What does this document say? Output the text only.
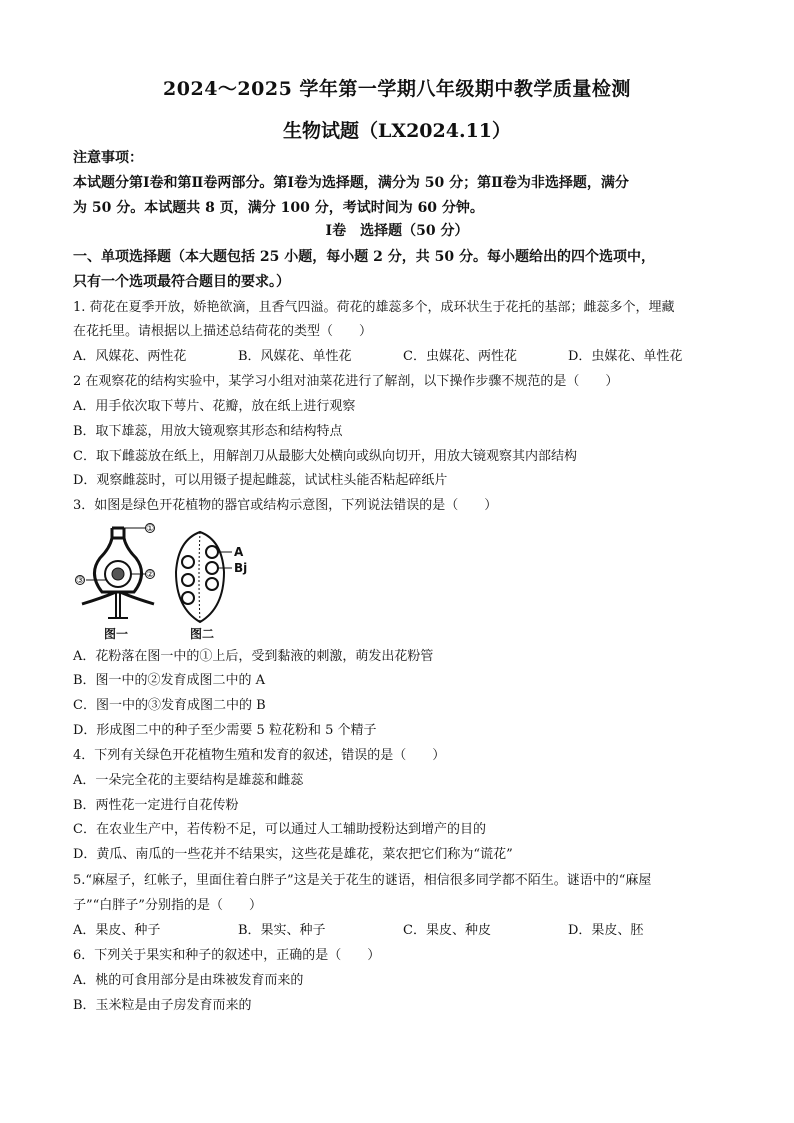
2024～2025 学年第一学期八年级期中教学质量检测
生物试题（LX2024.11）
注意事项：
本试题分第Ⅰ卷和第Ⅱ卷两部分。第Ⅰ卷为选择题，满分为 50 分；第Ⅱ卷为非选择题，满分
为 50 分。本试题共 8 页，满分 100 分，考试时间为 60 分钟。
Ⅰ卷　选择题（50 分）
一、单项选择题（本大题包括 25 小题，每小题 2 分，共 50 分。每小题给出的四个选项中，
只有一个选项最符合题目的要求。）
1. 荷花在夏季开放，娇艳欲滴，且香气四溢。荷花的雄蕊多个，成环状生于花托的基部；雌蕊多个，埋藏
在花托里。请根据以上描述总结荷花的类型（　　）
A．风媒花、两性花	B．风媒花、单性花	C．虫媒花、两性花	D．虫媒花、单性花
2 在观察花的结构实验中，某学习小组对油菜花进行了解剖，以下操作步骤不规范的是（　　）
A．用手依次取下萼片、花瓣，放在纸上进行观察
B．取下雄蕊，用放大镜观察其形态和结构特点
C．取下雌蕊放在纸上，用解剖刀从最膨大处横向或纵向切开，用放大镜观察其内部结构
D．观察雌蕊时，可以用镊子提起雌蕊，试试柱头能否粘起碎纸片
3．如图是绿色开花植物的器官或结构示意图，下列说法错误的是（　　）
图一	图二
A
Bj
①
②
③
A．花粉落在图一中的①上后，受到黏液的刺激，萌发出花粉管
B．图一中的②发育成图二中的 A
C．图一中的③发育成图二中的 B
D．形成图二中的种子至少需要 5 粒花粉和 5 个精子
4．下列有关绿色开花植物生殖和发育的叙述，错误的是（　　）
A．一朵完全花的主要结构是雄蕊和雌蕊
B．两性花一定进行自花传粉
C．在农业生产中，若传粉不足，可以通过人工辅助授粉达到增产的目的
D．黄瓜、南瓜的一些花并不结果实，这些花是雄花，菜农把它们称为“谎花”
5.“麻屋子，红帐子，里面住着白胖子”这是关于花生的谜语，相信很多同学都不陌生。谜语中的“麻屋
子”“白胖子”分别指的是（　　）
A．果皮、种子	B．果实、种子	C．果皮、种皮	D．果皮、胚
6．下列关于果实和种子的叙述中，正确的是（　　）
A．桃的可食用部分是由珠被发育而来的
B．玉米粒是由子房发育而来的
